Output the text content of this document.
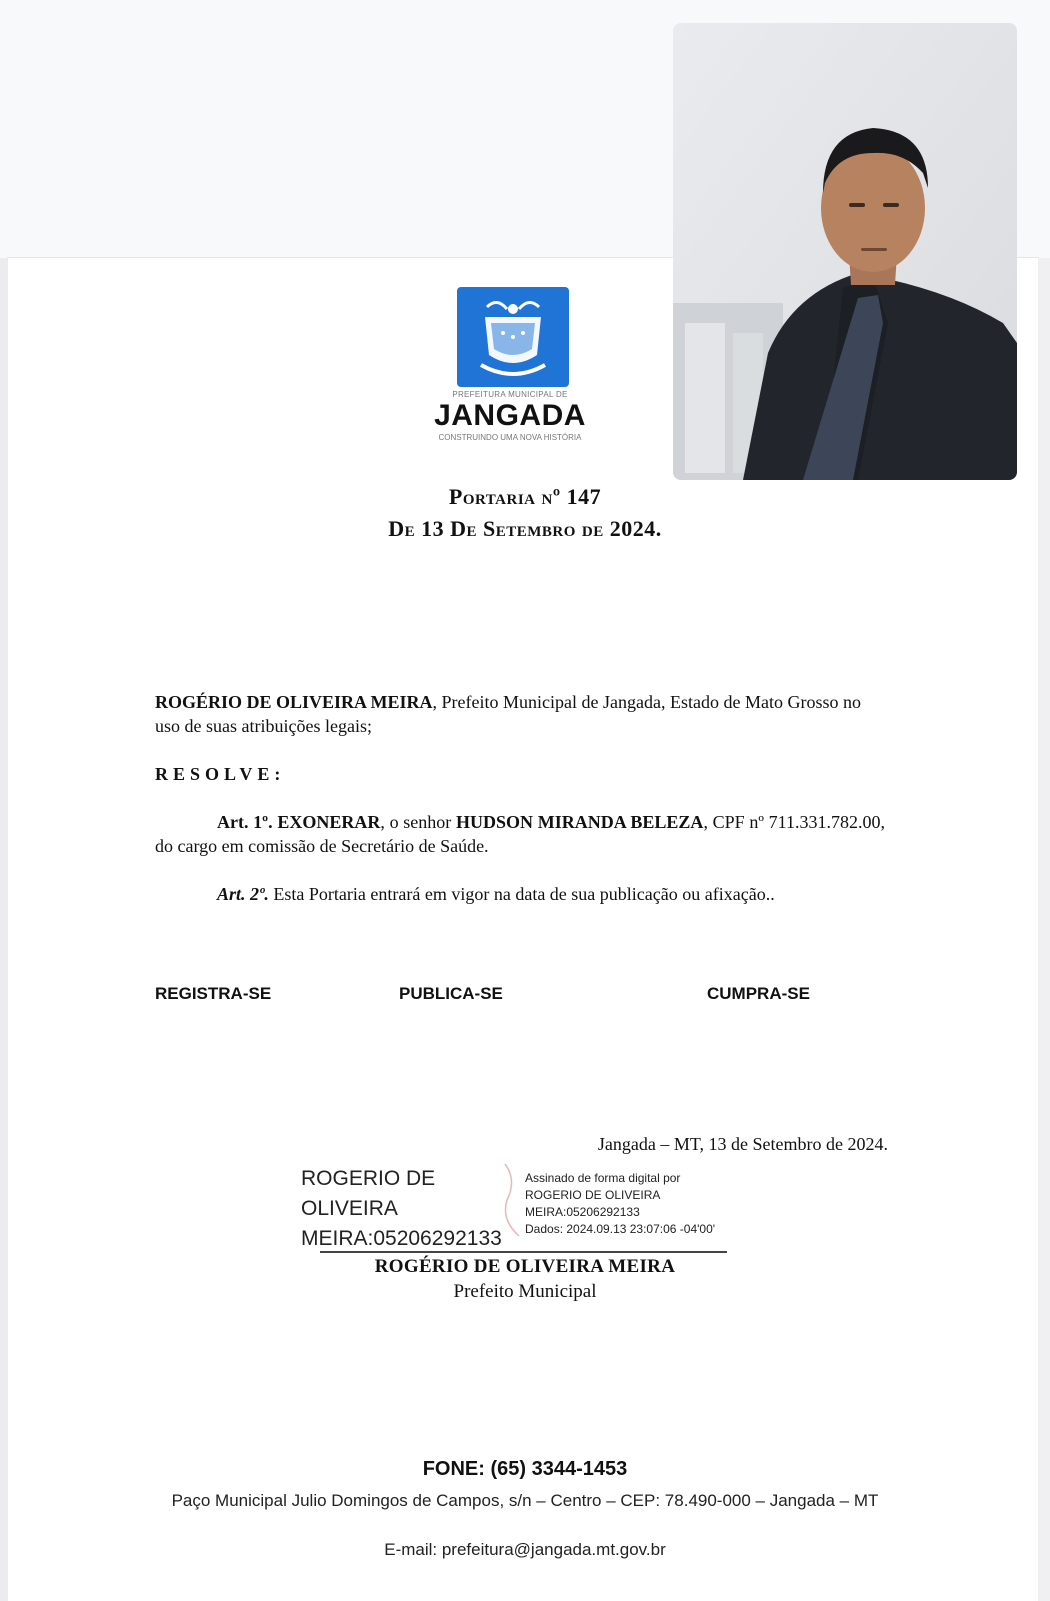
PREFEITURA MUNICIPAL DE
JANGADA
CONSTRUINDO UMA NOVA HISTÓRIA
Portaria nº 147
De 13 De Setembro de 2024.
ROGÉRIO DE OLIVEIRA MEIRA, Prefeito Municipal de Jangada, Estado de Mato Grosso no uso de suas atribuições legais;
RESOLVE:
Art. 1º. EXONERAR, o senhor HUDSON MIRANDA BELEZA, CPF nº 711.331.782.00, do cargo em comissão de Secretário de Saúde.
Art. 2º. Esta Portaria entrará em vigor na data de sua publicação ou afixação..
REGISTRA-SE	PUBLICA-SE	CUMPRA-SE
Jangada – MT, 13 de Setembro de 2024.
ROGERIO DE
OLIVEIRA
MEIRA:05206292133
Assinado de forma digital por
ROGERIO DE OLIVEIRA
MEIRA:05206292133
Dados: 2024.09.13 23:07:06 -04'00'
ROGÉRIO DE OLIVEIRA MEIRA
Prefeito Municipal
FONE: (65) 3344-1453
Paço Municipal Julio Domingos de Campos, s/n – Centro – CEP: 78.490-000 – Jangada – MT
E-mail: prefeitura@jangada.mt.gov.br
